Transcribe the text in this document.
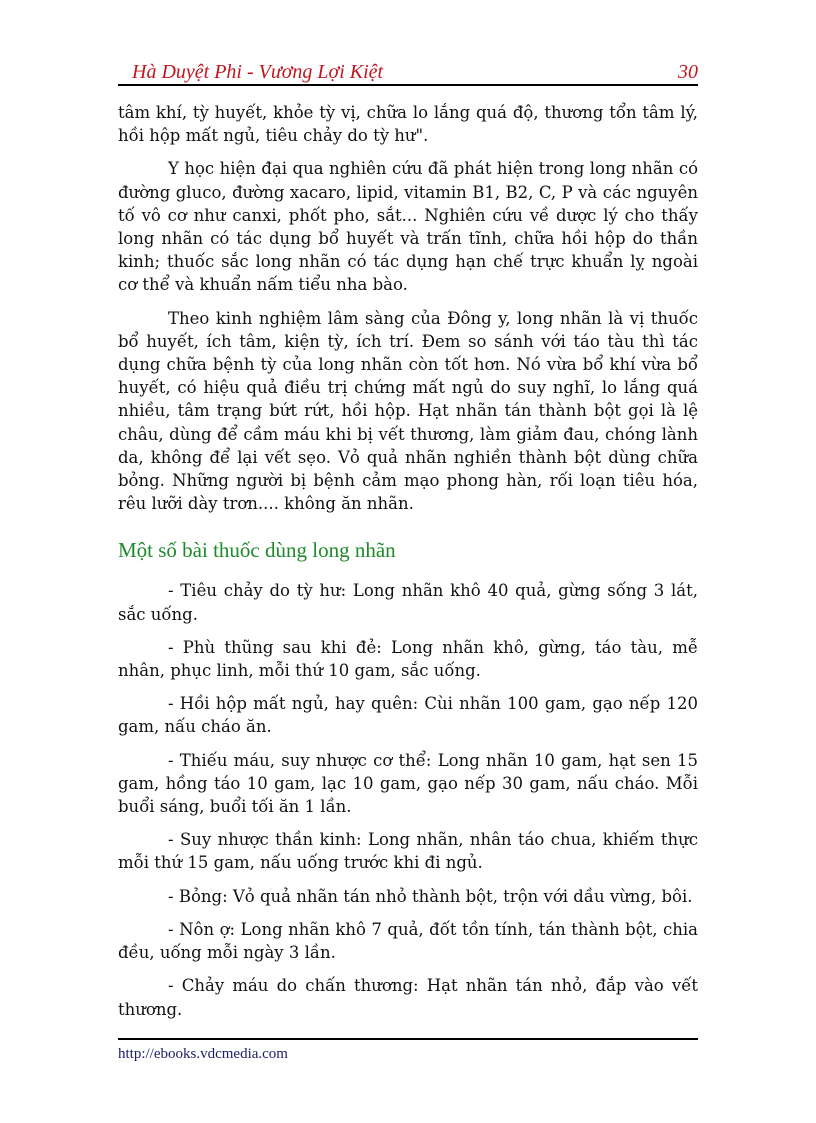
Hà Duyệt Phi - Vương Lợi Kiệt	30

tâm khí, tỳ huyết, khỏe tỳ vị, chữa lo lắng quá độ, thương tổn tâm lý, hồi hộp mất ngủ, tiêu chảy do tỳ hư".

Y học hiện đại qua nghiên cứu đã phát hiện trong long nhãn có đường gluco, đường xacaro, lipid, vitamin B1, B2, C, P và các nguyên tố vô cơ như canxi, phốt pho, sắt... Nghiên cứu về dược lý cho thấy long nhãn có tác dụng bổ huyết và trấn tĩnh, chữa hồi hộp do thần kinh; thuốc sắc long nhãn có tác dụng hạn chế trực khuẩn lỵ ngoài cơ thể và khuẩn nấm tiểu nha bào.

Theo kinh nghiệm lâm sàng của Đông y, long nhãn là vị thuốc bổ huyết, ích tâm, kiện tỳ, ích trí. Đem so sánh với táo tàu thì tác dụng chữa bệnh tỳ của long nhãn còn tốt hơn. Nó vừa bổ khí vừa bổ huyết, có hiệu quả điều trị chứng mất ngủ do suy nghĩ, lo lắng quá nhiều, tâm trạng bứt rứt, hồi hộp. Hạt nhãn tán thành bột gọi là lệ châu, dùng để cầm máu khi bị vết thương, làm giảm đau, chóng lành da, không để lại vết sẹo. Vỏ quả nhãn nghiền thành bột dùng chữa bỏng. Những người bị bệnh cảm mạo phong hàn, rối loạn tiêu hóa, rêu lưỡi dày trơn.... không ăn nhãn.

Một số bài thuốc dùng long nhãn

- Tiêu chảy do tỳ hư: Long nhãn khô 40 quả, gừng sống 3 lát, sắc uống.

- Phù thũng sau khi đẻ: Long nhãn khô, gừng, táo tàu, mễ nhân, phục linh, mỗi thứ 10 gam, sắc uống.

- Hồi hộp mất ngủ, hay quên: Cùi nhãn 100 gam, gạo nếp 120 gam, nấu cháo ăn.

- Thiếu máu, suy nhược cơ thể: Long nhãn 10 gam, hạt sen 15 gam, hồng táo 10 gam, lạc 10 gam, gạo nếp 30 gam, nấu cháo. Mỗi buổi sáng, buổi tối ăn 1 lần.

- Suy nhược thần kinh: Long nhãn, nhân táo chua, khiếm thực mỗi thứ 15 gam, nấu uống trước khi đi ngủ.

- Bỏng: Vỏ quả nhãn tán nhỏ thành bột, trộn với dầu vừng, bôi.

- Nôn ợ: Long nhãn khô 7 quả, đốt tồn tính, tán thành bột, chia đều, uống mỗi ngày 3 lần.

- Chảy máu do chấn thương: Hạt nhãn tán nhỏ, đắp vào vết thương.

http://ebooks.vdcmedia.com
